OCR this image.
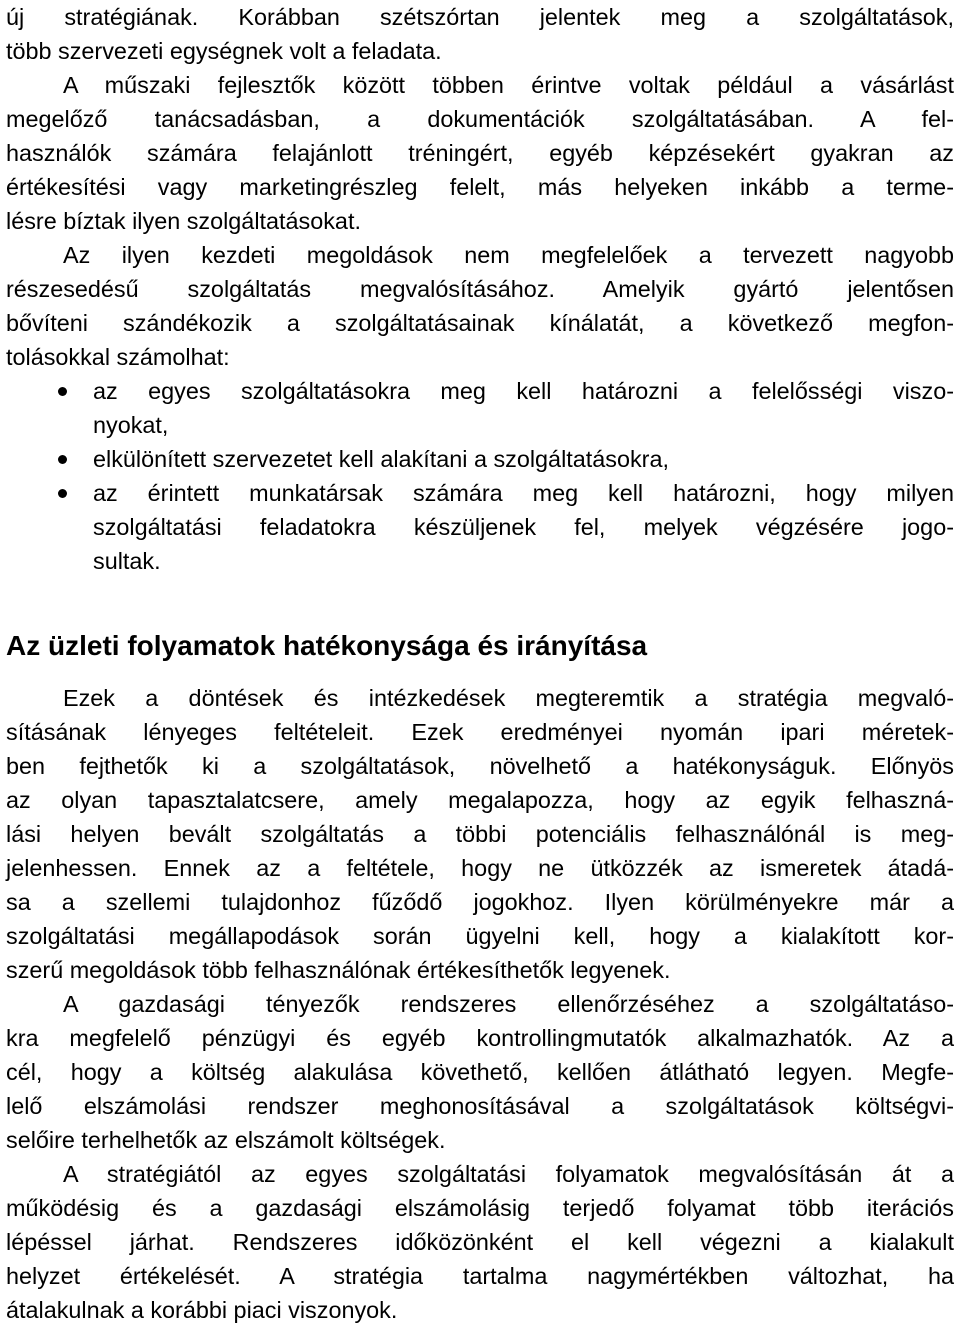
új stratégiának. Korábban szétszórtan jelentek meg a szolgáltatások,
több szervezeti egységnek volt a feladata.
A műszaki fejlesztők között többen érintve voltak például a vásárlást
megelőző tanácsadásban, a dokumentációk szolgáltatásában. A fel-
használók számára felajánlott tréningért, egyéb képzésekért gyakran az
értékesítési vagy marketingrészleg felelt, más helyeken inkább a terme-
lésre bíztak ilyen szolgáltatásokat.
Az ilyen kezdeti megoldások nem megfelelőek a tervezett nagyobb
részesedésű szolgáltatás megvalósításához. Amelyik gyártó jelentősen
bővíteni szándékozik a szolgáltatásainak kínálatát, a következő megfon-
tolásokkal számolhat:
az egyes szolgáltatásokra meg kell határozni a felelősségi viszo-
nyokat,
elkülönített szervezetet kell alakítani a szolgáltatásokra,
az érintett munkatársak számára meg kell határozni, hogy milyen
szolgáltatási feladatokra készüljenek fel, melyek végzésére jogo-
sultak.
Az üzleti folyamatok hatékonysága és irányítása
Ezek a döntések és intézkedések megteremtik a stratégia megvaló-
sításának lényeges feltételeit. Ezek eredményei nyomán ipari méretek-
ben fejthetők ki a szolgáltatások, növelhető a hatékonyságuk. Előnyös
az olyan tapasztalatcsere, amely megalapozza, hogy az egyik felhaszná-
lási helyen bevált szolgáltatás a többi potenciális felhasználónál is meg-
jelenhessen. Ennek az a feltétele, hogy ne ütközzék az ismeretek átadá-
sa a szellemi tulajdonhoz fűződő jogokhoz. Ilyen körülményekre már a
szolgáltatási megállapodások során ügyelni kell, hogy a kialakított kor-
szerű megoldások több felhasználónak értékesíthetők legyenek.
A gazdasági tényezők rendszeres ellenőrzéséhez a szolgáltatáso-
kra megfelelő pénzügyi és egyéb kontrollingmutatók alkalmazhatók. Az a
cél, hogy a költség alakulása követhető, kellően átlátható legyen. Megfe-
lelő elszámolási rendszer meghonosításával a szolgáltatások költségvi-
selőire terhelhetők az elszámolt költségek.
A stratégiától az egyes szolgáltatási folyamatok megvalósításán át a
működésig és a gazdasági elszámolásig terjedő folyamat több iterációs
lépéssel járhat. Rendszeres időközönként el kell végezni a kialakult
helyzet értékelését. A stratégia tartalma nagymértékben változhat, ha
átalakulnak a korábbi piaci viszonyok.
